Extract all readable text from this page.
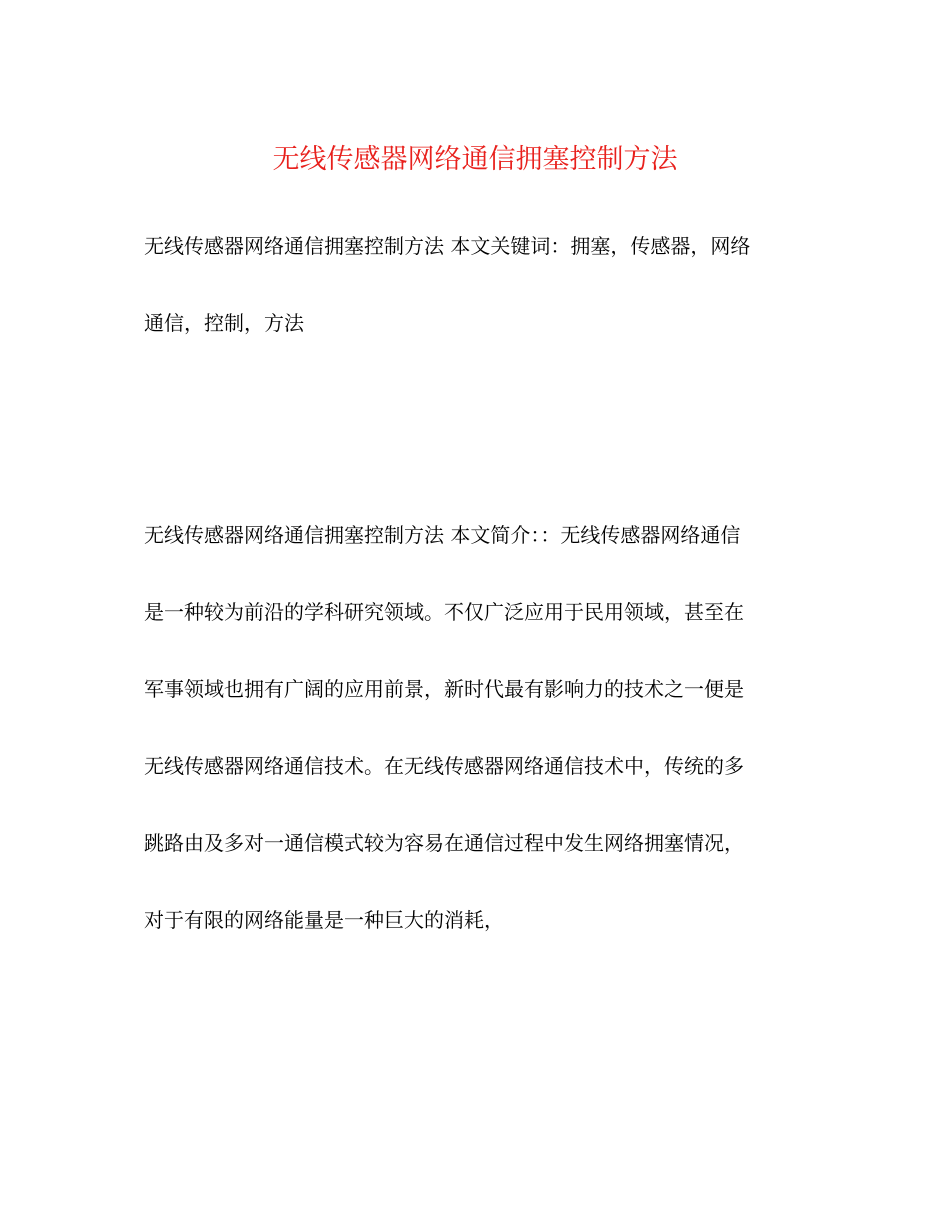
无线传感器网络通信拥塞控制方法
无线传感器网络通信拥塞控制方法 本文关键词：拥塞，传感器，网络
通信，控制，方法
无线传感器网络通信拥塞控制方法 本文简介：：无线传感器网络通信
是一种较为前沿的学科研究领域。不仅广泛应用于民用领域，甚至在
军事领域也拥有广阔的应用前景，新时代最有影响力的技术之一便是
无线传感器网络通信技术。在无线传感器网络通信技术中，传统的多
跳路由及多对一通信模式较为容易在通信过程中发生网络拥塞情况，
对于有限的网络能量是一种巨大的消耗，
